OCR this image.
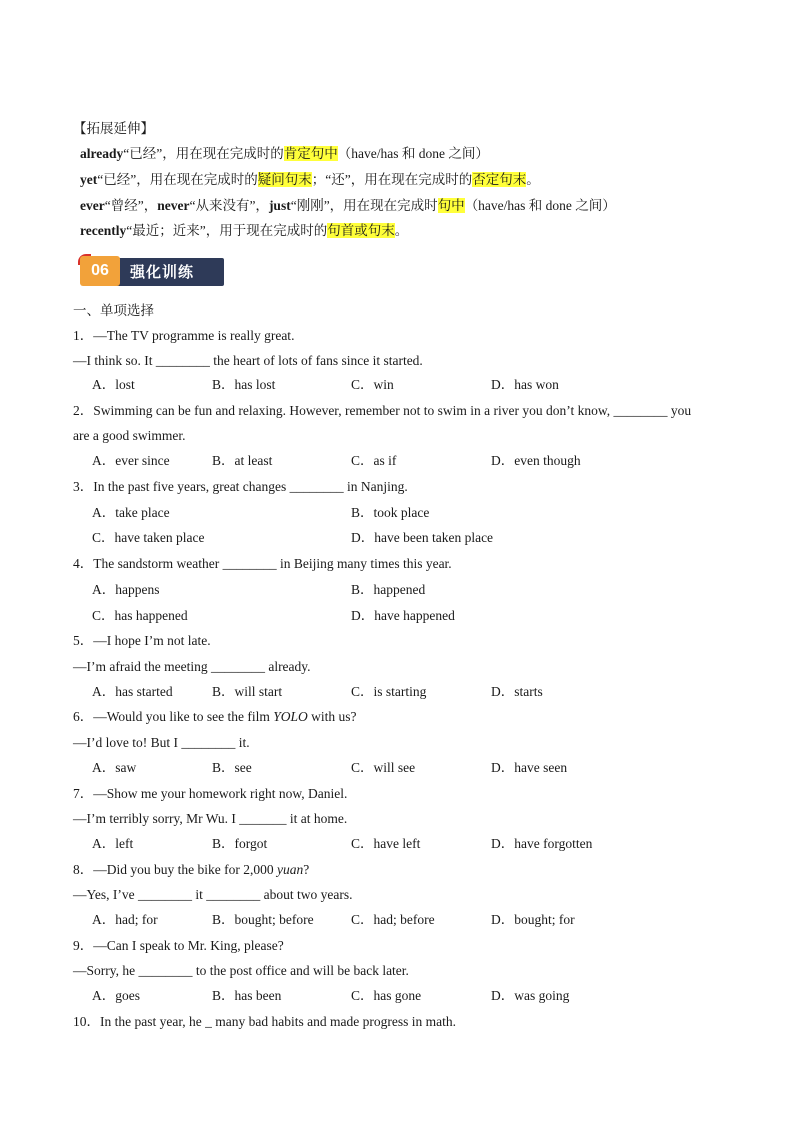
【拓展延伸】
already“已经”，用在现在完成时的肯定句中（have/has 和 done 之间）
yet“已经”，用在现在完成时的疑问句末；“还”，用在现在完成时的否定句末。
ever“曾经”，never“从来没有”，just“刚刚”，用在现在完成时句中（have/has 和 done 之间）
recently“最近；近来”，用于现在完成时的句首或句末。
强化训练
06
一、单项选择
1．—The TV programme is really great.
—I think so. It ________ the heart of lots of fans since it started.
A．lost	B．has lost	C．win	D．has won
2．Swimming can be fun and relaxing. However, remember not to swim in a river you don’t know, ________ you
are a good swimmer.
A．ever since	B．at least	C．as if	D．even though
3．In the past five years, great changes ________ in Nanjing.
A．take place	B．took place
C．have taken place	D．have been taken place
4．The sandstorm weather ________ in Beijing many times this year.
A．happens	B．happened
C．has happened	D．have happened
5．—I hope I’m not late.
—I’m afraid the meeting ________ already.
A．has started	B．will start	C．is starting	D．starts
6．—Would you like to see the film YOLO with us?
—I’d love to! But I ________ it.
A．saw	B．see	C．will see	D．have seen
7．—Show me your homework right now, Daniel.
—I’m terribly sorry, Mr Wu. I _______ it at home.
A．left	B．forgot	C．have left	D．have forgotten
8．—Did you buy the bike for 2,000 yuan?
—Yes, I’ve ________ it ________ about two years.
A．had; for	B．bought; before	C．had; before	D．bought; for
9．—Can I speak to Mr. King, please?
—Sorry, he ________ to the post office and will be back later.
A．goes	B．has been	C．has gone	D．was going
10．In the past year, he _ many bad habits and made progress in math.
